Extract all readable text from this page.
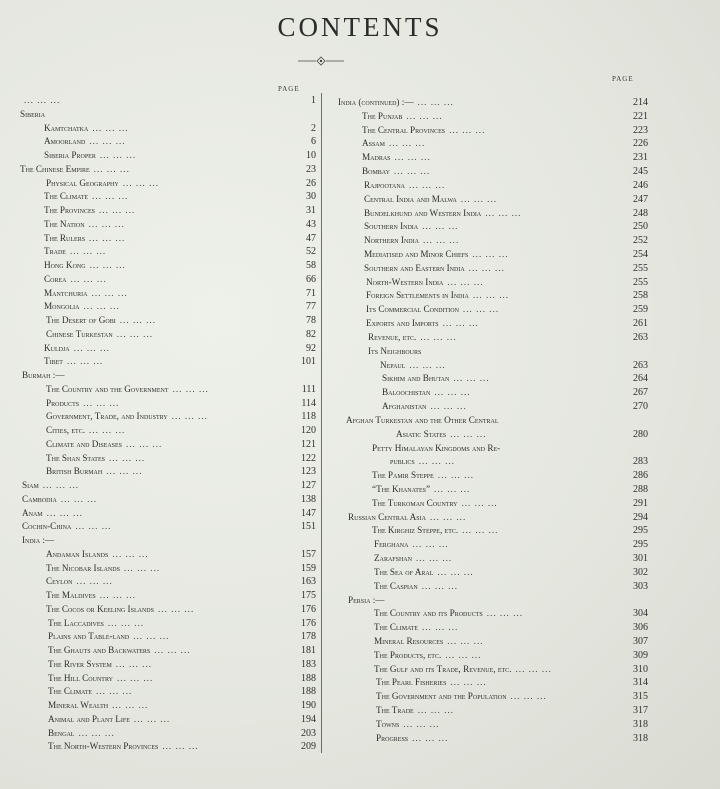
CONTENTS
PAGE
PAGE
... ... ...	1
Siberia
Kamtchatka ... ... ...	2
Amoorland ... ... ...	6
Siberia Proper ... ... ...	10
The Chinese Empire ... ... ...	23
Physical Geography ... ... ...	26
The Climate ... ... ...	30
The Provinces ... ... ...	31
The Nation ... ... ...	43
The Rulers ... ... ...	47
Trade ... ... ...	52
Hong Kong ... ... ...	58
Corea ... ... ...	66
Mantchuria ... ... ...	71
Mongolia ... ... ...	77
The Desert of Gobi ... ... ...	78
Chinese Turkestan ... ... ...	82
Kuldja ... ... ...	92
Tibet ... ... ...	101
Burmah :—
The Country and the Government ... ... ...	111
Products ... ... ...	114
Government, Trade, and Industry ... ... ...	118
Cities, etc. ... ... ...	120
Climate and Diseases ... ... ...	121
The Shan States ... ... ...	122
British Burmah ... ... ...	123
Siam ... ... ...	127
Cambodia ... ... ...	138
Anam ... ... ...	147
Cochin-China ... ... ...	151
India :—
Andaman Islands ... ... ...	157
The Nicobar Islands ... ... ...	159
Ceylon ... ... ...	163
The Maldives ... ... ...	175
The Cocos or Keeling Islands ... ... ...	176
The Laccadives ... ... ...	176
Plains and Table-land ... ... ...	178
The Ghauts and Backwaters ... ... ...	181
The River System ... ... ...	183
The Hill Country ... ... ...	188
The Climate ... ... ...	188
Mineral Wealth ... ... ...	190
Animal and Plant Life ... ... ...	194
Bengal ... ... ...	203
The North-Western Provinces ... ... ...	209
India (continued) :— ... ... ...	214
The Punjab ... ... ...	221
The Central Provinces ... ... ...	223
Assam ... ... ...	226
Madras ... ... ...	231
Bombay ... ... ...	245
Rajpootana ... ... ...	246
Central India and Malwa ... ... ...	247
Bundelkhund and Western India ... ... ...	248
Southern India ... ... ...	250
Northern India ... ... ...	252
Mediatised and Minor Chiefs ... ... ...	254
Southern and Eastern India ... ... ...	255
North-Western India ... ... ...	255
Foreign Settlements in India ... ... ...	258
Its Commercial Condition ... ... ...	259
Exports and Imports ... ... ...	261
Revenue, etc. ... ... ...	263
Its Neighbours
Nepaul ... ... ...	263
Sikhim and Bhutan ... ... ...	264
Baloochistan ... ... ...	267
Afghanistan ... ... ...	270
Afghan Turkestan and the Other Central
Asiatic States ... ... ...	280
Petty Himalayan Kingdoms and Re-
publics ... ... ...	283
The Pamir Steppe ... ... ...	286
“The Khanates” ... ... ...	288
The Turkoman Country ... ... ...	291
Russian Central Asia ... ... ...	294
The Kirghiz Steppe, etc. ... ... ...	295
Ferghana ... ... ...	295
Zarafshan ... ... ...	301
The Sea of Aral ... ... ...	302
The Caspian ... ... ...	303
Persia :—
The Country and its Products ... ... ...	304
The Climate ... ... ...	306
Mineral Resources ... ... ...	307
The Products, etc. ... ... ...	309
The Gulf and its Trade, Revenue, etc. ... ... ...	310
The Pearl Fisheries ... ... ...	314
The Government and the Population ... ... ...	315
The Trade ... ... ...	317
Towns ... ... ...	318
Progress ... ... ...	318
